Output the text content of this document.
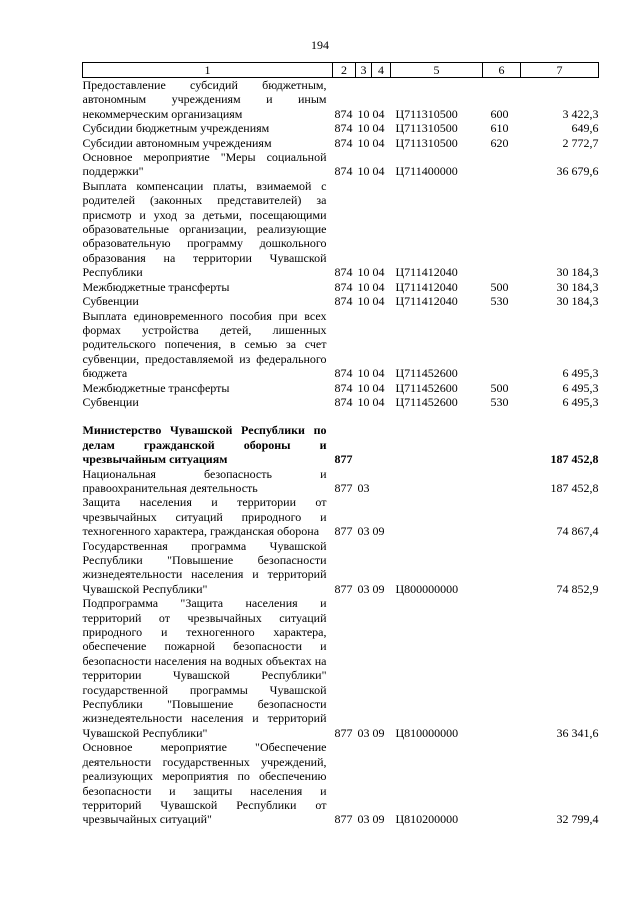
194
1	2	3	4	5	6	7
Предоставление субсидий бюджетным, автономным учреждениям и иным некоммерческим организациям	874	10 04		Ц711310500	600	3 422,3
Субсидии бюджетным учреждениям	874	10 04		Ц711310500	610	649,6
Субсидии автономным учреждениям	874	10 04		Ц711310500	620	2 772,7
Основное мероприятие "Меры социальной поддержки"	874	10 04		Ц711400000		36 679,6
Выплата компенсации платы, взимаемой с родителей (законных представителей) за присмотр и уход за детьми, посещающими образовательные организации, реализующие образовательную программу дошкольного образования на территории Чувашской Республики	874	10 04		Ц711412040		30 184,3
Межбюджетные трансферты	874	10 04		Ц711412040	500	30 184,3
Субвенции	874	10 04		Ц711412040	530	30 184,3
Выплата единовременного пособия при всех формах устройства детей, лишенных родительского попечения, в семью за счет субвенции, предоставляемой из федерального бюджета	874	10 04		Ц711452600		6 495,3
Межбюджетные трансферты	874	10 04		Ц711452600	500	6 495,3
Субвенции	874	10 04		Ц711452600	530	6 495,3

Министерство Чувашской Республики по делам гражданской обороны и чрезвычайным ситуациям	877					187 452,8
Национальная безопасность и правоохранительная деятельность	877	03				187 452,8
Защита населения и территории от чрезвычайных ситуаций природного и техногенного характера, гражданская оборона	877	03 09				74 867,4
Государственная программа Чувашской Республики "Повышение безопасности жизнедеятельности населения и территорий Чувашской Республики"	877	03 09		Ц800000000		74 852,9
Подпрограмма "Защита населения и территорий от чрезвычайных ситуаций природного и техногенного характера, обеспечение пожарной безопасности и безопасности населения на водных объектах на территории Чувашской Республики" государственной программы Чувашской Республики "Повышение безопасности жизнедеятельности населения и территорий Чувашской Республики"	877	03 09		Ц810000000		36 341,6
Основное мероприятие "Обеспечение деятельности государственных учреждений, реализующих мероприятия по обеспечению безопасности и защиты населения и территорий Чувашской Республики от чрезвычайных ситуаций"	877	03 09		Ц810200000		32 799,4
